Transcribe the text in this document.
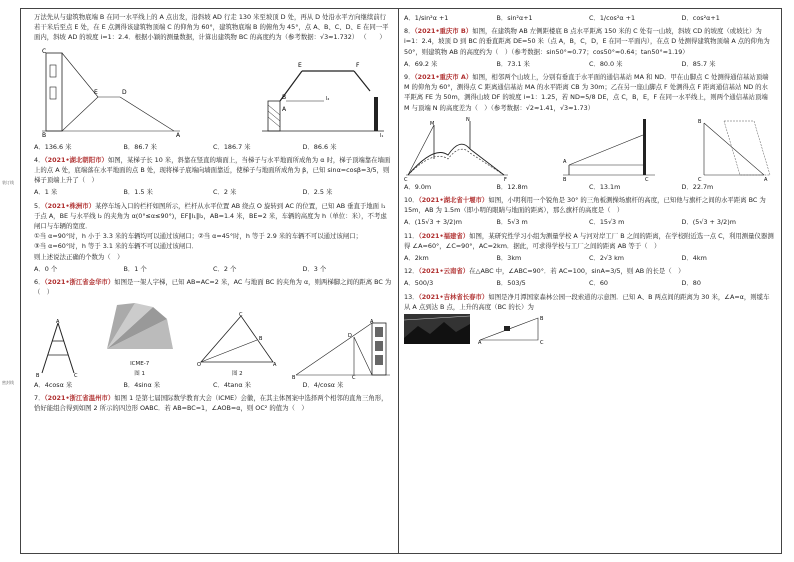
装订线
密封线
万法先从与建筑物底端 B 在同一水平线上的 A 点出发，沿斜坡 AD 行走 130 米至坡顶 D 处，再从 D 处沿水平方向继续前行若干米后至点 E 处，在 E 点测得该建筑物顶端 C 的仰角为 60°，建筑物底端 B 的俯角为 45°，点 A、B、C、D、E 在同一平面内，斜坡 AD 的坡度 i=1：2.4．根据小颖的测量数据，计算出建筑物 BC 的高度约为（参考数据：√3≈1.732） （　　）
C
B
E	D
A
E	F
B
A
l₂
l₁
A．136.6 米	B．86.7 米	C．186.7 米	D．86.6 米
4．（2021•湖北朝阳市）如图，某梯子长 10 米，斜靠在竖直的墙面上，当梯子与水平地面所成角为 α 时，梯子顶端靠在墙面上的点 A 处，底端落在水平地面的点 B 处，现将梯子底端向墙面靠近，使梯子与地面所成角为 β，已知 sinα=cosβ=3/5，则梯子顶端上升了（　）
A．1 米	B．1.5 米	C．2 米	D．2.5 米
5．（2021•株洲市）某停车场入口的栏杆如图所示，栏杆从水平位置 AB 绕点 O 旋转到 AC 的位置，已知 AB 垂直于地面 l₁ 于点 A，BE 与水平线 l₂ 的夹角为 α(0°≤α≤90°)，EF∥l₁∥l₂，AB=1.4 米，BE=2 米，车辆的高度为 h（单位：米），不考虑闸口与车辆的宽度．
①当 α=90°时，h 小于 3.3 米的车辆均可以通过该闸口；②当 α=45°时，h 等于 2.9 米的车辆不可以通过该闸口；
③当 α=60°时，h 等于 3.1 米的车辆不可以通过该闸口．
则上述说法正确的个数为（　）
A．0 个	B．1 个	C．2 个	D．3 个
6．（2021•浙江省金华市）如图是一架人字梯，已知 AB=AC=2 米，AC 与地面 BC 的夹角为 α，则两梯脚之间的距离 BC 为（　）
A
B	C
ICME-7
图 1
O	A
B
C
图 2
A
D
B	C
A．4cosα 米	B．4sinα 米	C．4tanα 米	D．4/cosα 米
7．（2021•浙江省温州市）如图 1 是第七届国际数学教育大会（ICME）会徽，在其主体图案中选择两个相邻的直角三角形，恰好能组合得到如图 2 所示的四边形 OABC．若 AB=BC=1，∠AOB=α，则 OC² 的值为（　）
A．1/sin²α +1	B．sin²α+1	C．1/cos²α +1	D．cos²α+1
8．（2021•重庆市 B）如图，在建筑物 AB 左侧距楼底 B 点水平距离 150 米的 C 处有一山坡，斜坡 CD 的坡度（或坡比）为 i=1：2.4，坡顶 D 到 BC 的垂直距离 DE=50 米（点 A，B，C，D，E 在同一平面内），在点 D 处测得建筑物顶端 A 点的仰角为 50°，则建筑物 AB 的高度约为（　）（参考数据：sin50°≈0.77；cos50°≈0.64；tan50°≈1.19）
A．69.2 米	B．73.1 米	C．80.0 米	D．85.7 米
9．（2021•重庆市 A）如图，相邻两个山坡上，分别有垂直于水平面的通信基站 MA 和 ND．甲在山脚点 C 处测得通信基站顶端 M 的仰角为 60°，测得点 C 距离通信基站 MA 的水平距离 CB 为 30m；乙在另一座山脚点 F 处测得点 F 距离通信基站 ND 的水平距离 FE 为 50m，测得山坡 DF 的坡度 i=1：1.25，若 ND=5/8 DE，点 C，B，E，F 在同一水平线上，则两个通信基站顶端 M 与顶端 N 的高度差为（　）（参考数据：√2≈1.41，√3≈1.73）
M
N
C	F
A
B	C
B
C	A
A．9.0m	B．12.8m	C．13.1m	D．22.7m
10．（2021•湖北省十堰市）如图，小明利用一个锐角是 30° 的三角板测操场旗杆的高度，已知他与旗杆之间的水平距离 BC 为 15m，AB 为 1.5m（即小明的眼睛与地面的距离），那么旗杆的高度是（　）
A．(15√3 + 3/2)m	B．5√3 m	C．15√3 m	D．(5√3 + 3/2)m
11．（2021•福建省）如图，某研究性学习小组为测量学校 A 与河对岸工厂 B 之间的距离，在学校附近选一点 C，利用测量仪器测得 ∠A=60°，∠C=90°，AC=2km．据此，可求得学校与工厂之间的距离 AB 等于（　）
A．2km	B．3km	C．2√3 km	D．4km
12．（2021•云南省）在△ABC 中，∠ABC=90°．若 AC=100，sinA=3/5，则 AB 的长是（　）
A．500/3	B．503/5	C．60	D．80
13．（2021•吉林省长春市）如图是净月潭国家森林公园一段索道的示意图．已知 A、B 两点间的距离为 30 米，∠A=α，则缆车从 A 点到达 B 点，上升的高度（BC 的长）为
A
B
C
